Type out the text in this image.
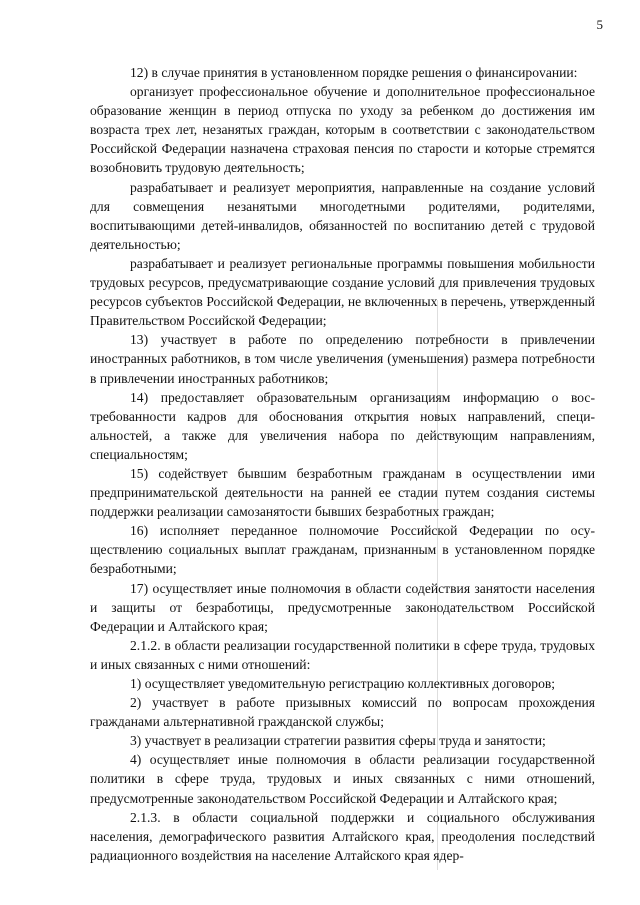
5

12) в случае принятия в установленном порядке решения о финансироvании:

организует профессиональное обучение и дополнительное профессиональное образование женщин в период отпуска по уходу за ребенком до достижения им возраста трех лет, незанятых граждан, которым в соответствии с законодательством Российской Федерации назначена страховая пенсия по старости и которые стремятся возобновить трудовую деятельность;

разрабатывает и реализует мероприятия, направленные на создание условий для совмещения незанятыми многодетными родителями, родителями, воспитывающими детей-инвалидов, обязанностей по воспитанию детей с трудовой деятельностью;

разрабатывает и реализует региональные программы повышения мобильности трудовых ресурсов, предусматривающие создание условий для привлечения трудовых ресурсов субъектов Российской Федерации, не включенных в перечень, утвержденный Правительством Российской Федерации;

13) участвует в работе по определению потребности в привлечении иностранных работников, в том числе увеличения (уменьшения) размера потребности в привлечении иностранных работников;

14) предоставляет образовательным организациям информацию о востребованности кадров для обоснования открытия новых направлений, специальностей, а также для увеличения набора по действующим направлениям, специальностям;

15) содействует бывшим безработным гражданам в осуществлении ими предпринимательской деятельности на ранней ее стадии путем создания системы поддержки реализации самозанятости бывших безработных граждан;

16) исполняет переданное полномочие Российской Федерации по осуществлению социальных выплат гражданам, признанным в установленном порядке безработными;

17) осуществляет иные полномочия в области содействия занятости населения и защиты от безработицы, предусмотренные законодательством Российской Федерации и Алтайского края;

2.1.2. в области реализации государственной политики в сфере труда, трудовых и иных связанных с ними отношений:

1) осуществляет уведомительную регистрацию коллективных договоров;

2) участвует в работе призывных комиссий по вопросам прохождения гражданами альтернативной гражданской службы;

3) участвует в реализации стратегии развития сферы труда и занятости;

4) осуществляет иные полномочия в области реализации государственной политики в сфере труда, трудовых и иных связанных с ними отношений, предусмотренные законодательством Российской Федерации и Алтайского края;

2.1.3. в области социальной поддержки и социального обслуживания населения, демографического развития Алтайского края, преодоления последствий радиационного воздействия на население Алтайского края ядер-
